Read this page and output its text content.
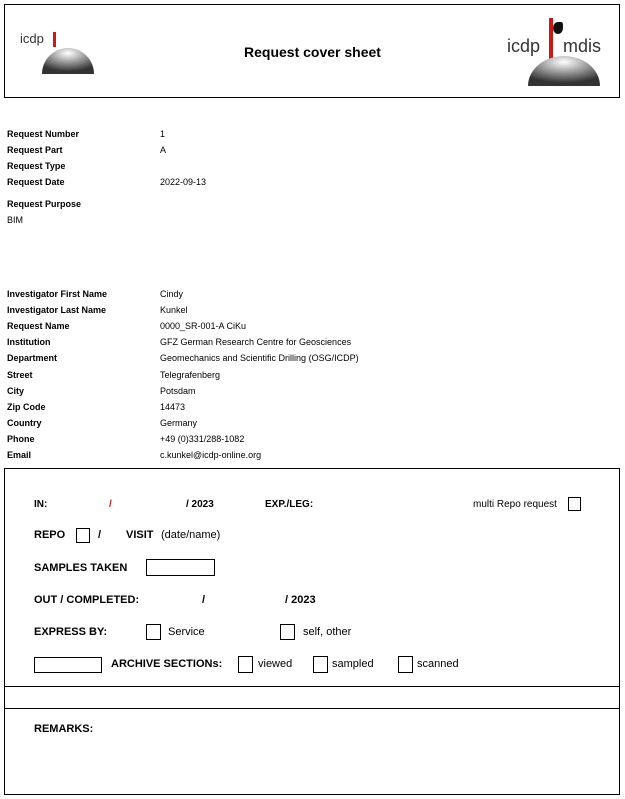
icdp
Request cover sheet	icdp mdis
Request Number	1
Request Part	A
Request Type
Request Date	2022-09-13
Request Purpose
BIM
Investigator First Name	Cindy
Investigator Last Name	Kunkel
Request Name	0000_SR-001-A CiKu
Institution	GFZ German Research Centre for Geosciences
Department	Geomechanics and Scientific Drilling (OSG/ICDP)
Street	Telegrafenberg
City	Potsdam
Zip Code	14473
Country	Germany
Phone	+49 (0)331/288-1082
Email	c.kunkel@icdp-online.org
IN:	/	/ 2023	EXP./LEG:	multi Repo request
REPO	/ VISIT (date/name)
SAMPLES TAKEN
OUT / COMPLETED:	/	/ 2023
EXPRESS BY:	Service	self, other
ARCHIVE SECTIONs:	viewed	sampled	scanned
REMARKS:
